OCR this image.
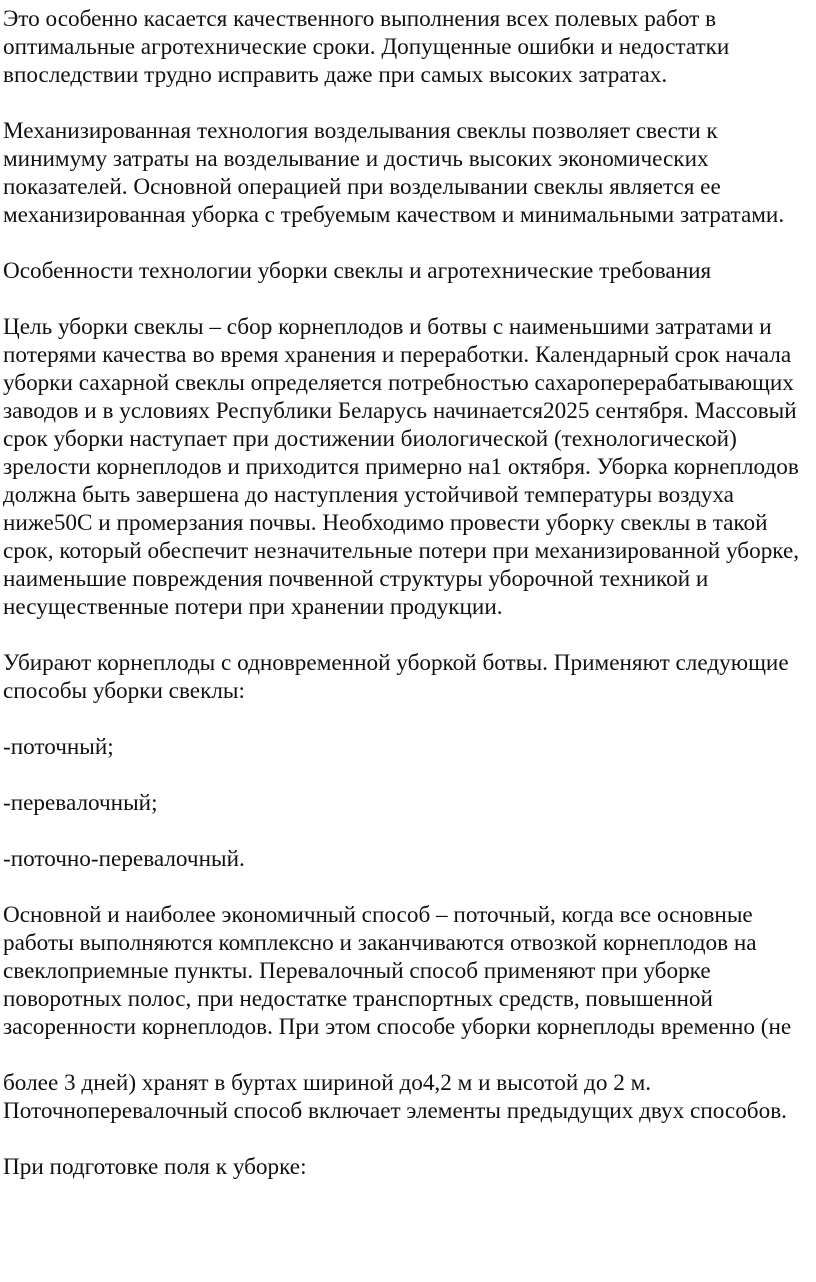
Это особенно касается качественного выполнения всех полевых работ в оптимальные агротехнические сроки. Допущенные ошибки и недостатки впоследствии трудно исправить даже при самых высоких затратах.

Механизированная технология возделывания свеклы позволяет свести к минимуму затраты на возделывание и достичь высоких экономических показателей. Основной операцией при возделывании свеклы является ее механизированная уборка с требуемым качеством и минимальными затратами.

Особенности технологии уборки свеклы и агротехнические требования

Цель уборки свеклы – сбор корнеплодов и ботвы с наименьшими затратами и потерями качества во время хранения и переработки. Календарный срок начала уборки сахарной свеклы определяется потребностью сахароперерабатывающих заводов и в условиях Республики Беларусь начинается2025 сентября. Массовый срок уборки наступает при достижении биологической (технологической) зрелости корнеплодов и приходится примерно на1 октября. Уборка корнеплодов должна быть завершена до наступления устойчивой температуры воздуха ниже50С и промерзания почвы. Необходимо провести уборку свеклы в такой срок, который обеспечит незначительные потери при механизированной уборке, наименьшие повреждения почвенной структуры уборочной техникой и несущественные потери при хранении продукции.

Убирают корнеплоды с одновременной уборкой ботвы. Применяют следующие способы уборки свеклы:

-поточный;

-перевалочный;

-поточно-перевалочный.

Основной и наиболее экономичный способ – поточный, когда все основные работы выполняются комплексно и заканчиваются отвозкой корнеплодов на свеклоприемные пункты. Перевалочный способ применяют при уборке поворотных полос, при недостатке транспортных средств, повышенной засоренности корнеплодов. При этом способе уборки корнеплоды временно (не

более 3 дней) хранят в буртах шириной до4,2 м и высотой до 2 м. Поточноперевалочный способ включает элементы предыдущих двух способов.

При подготовке поля к уборке:
